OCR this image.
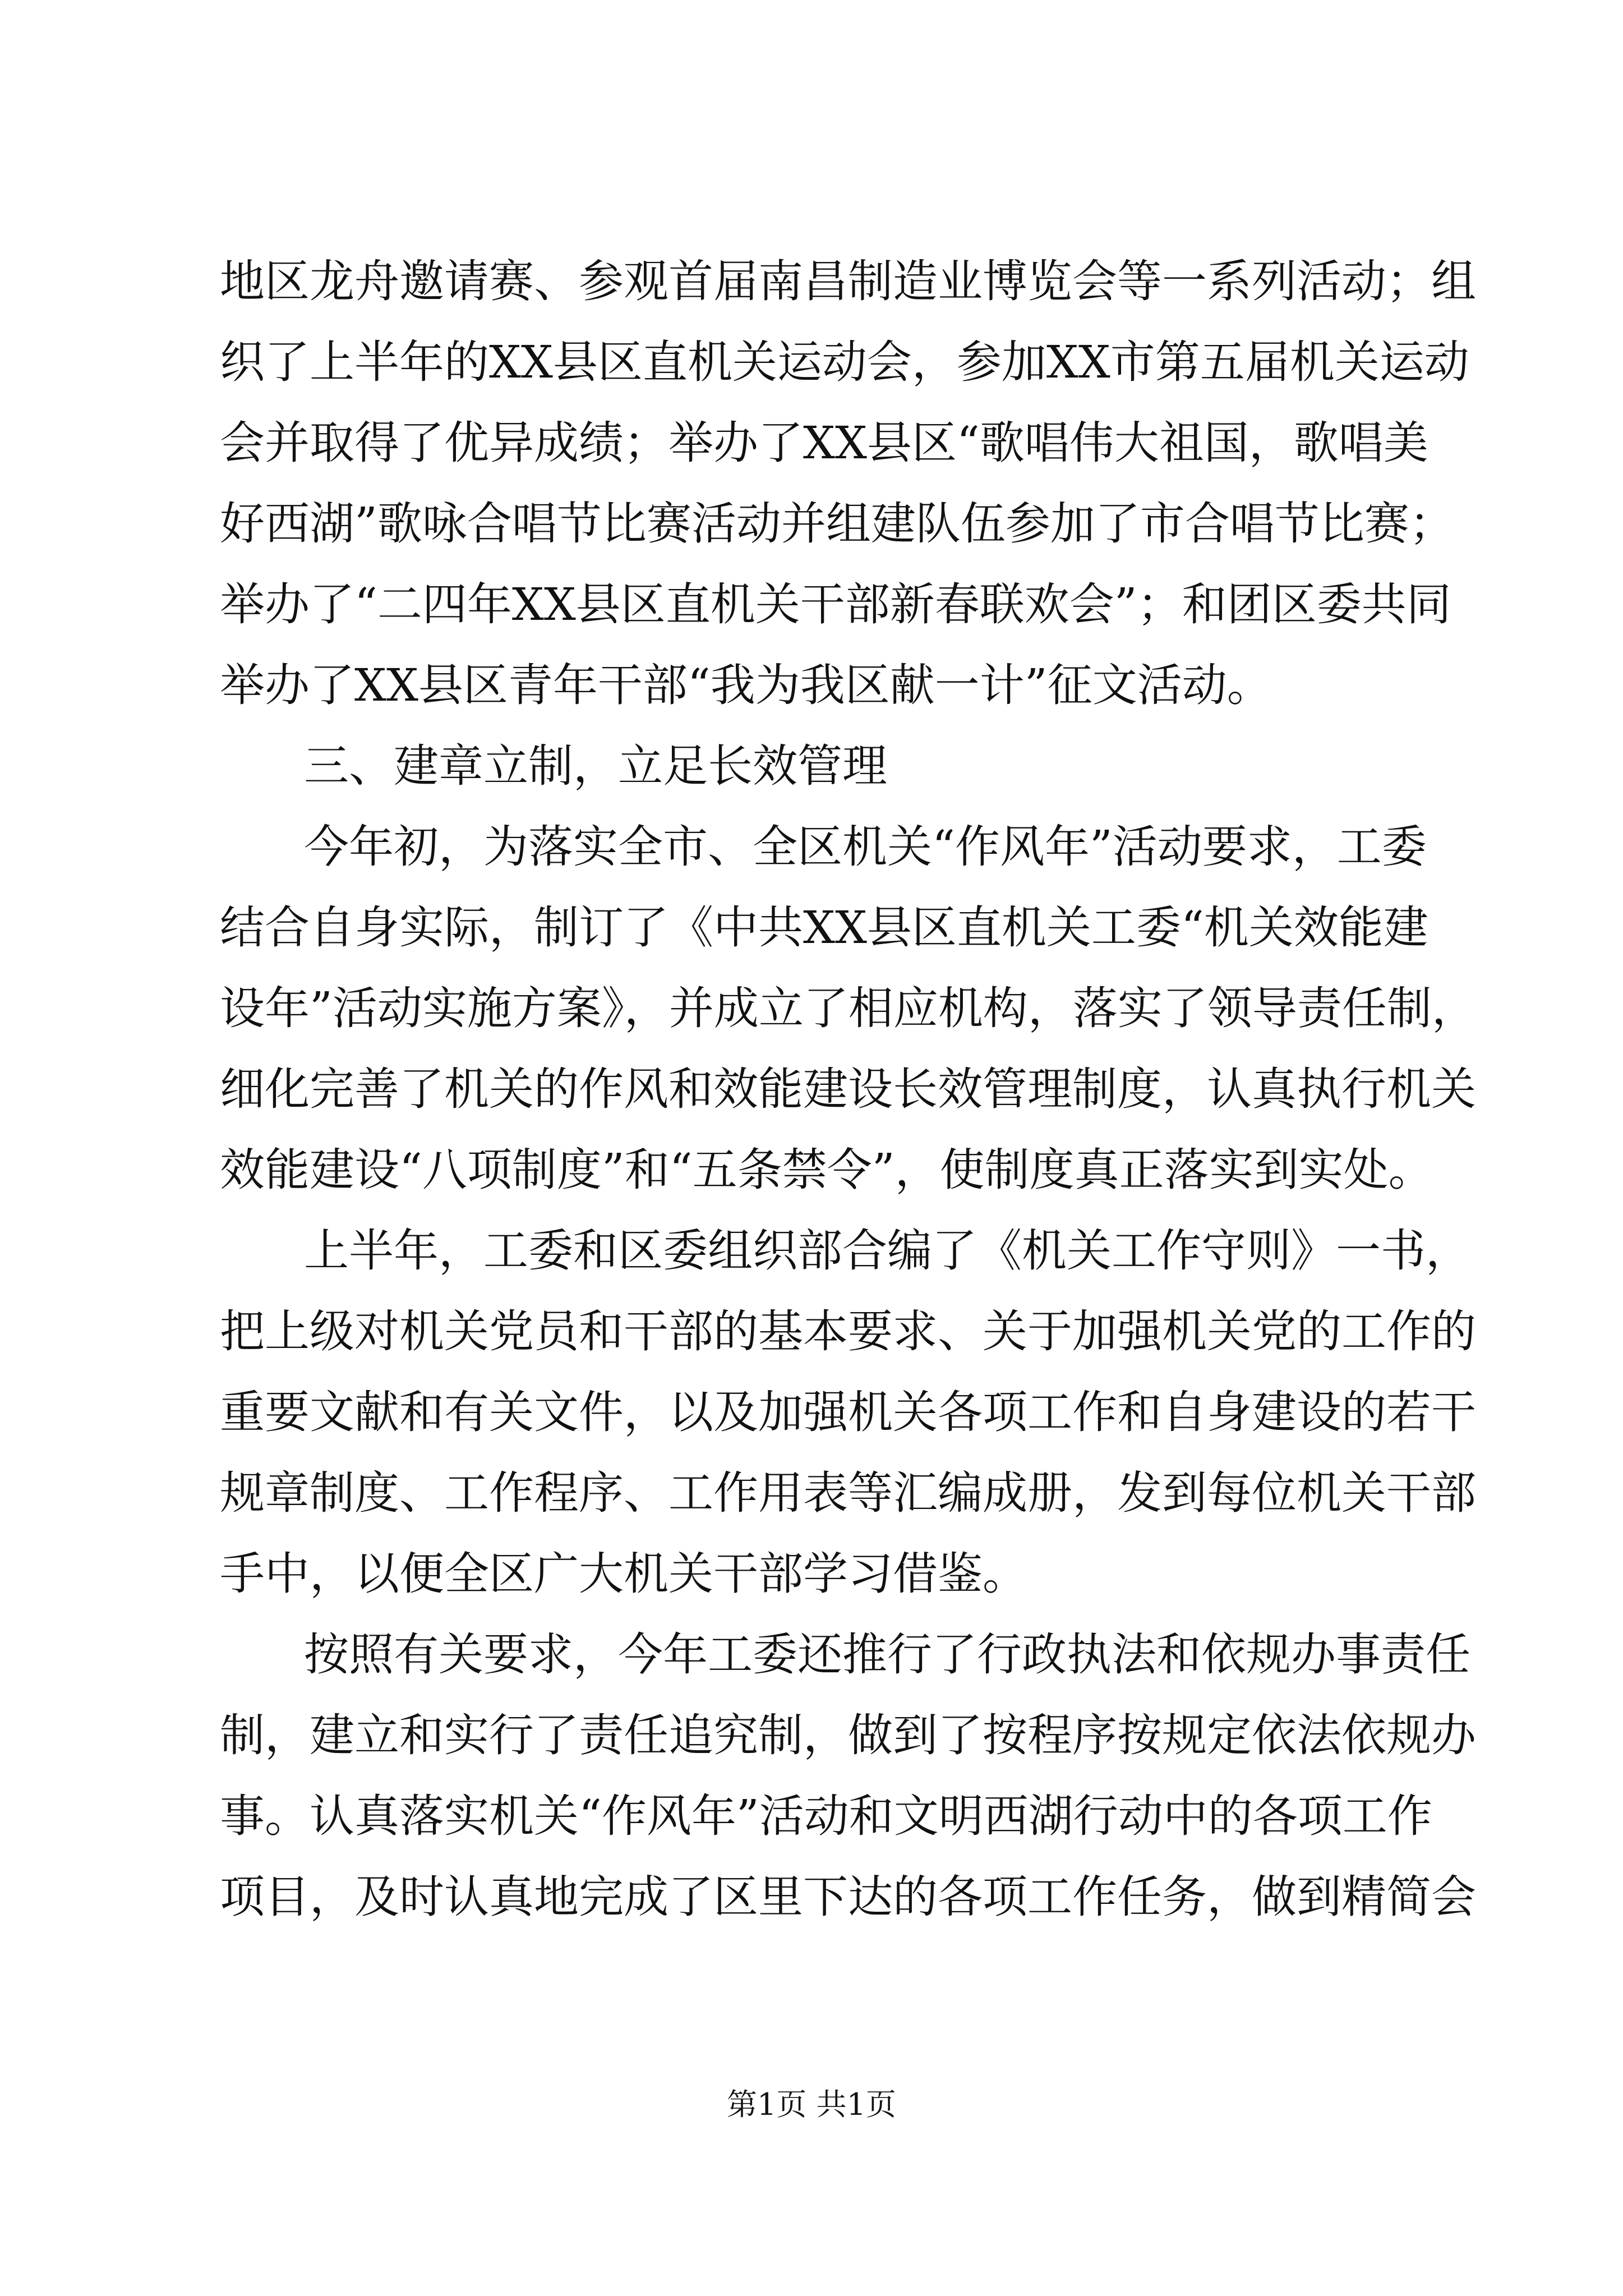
地区龙舟邀请赛、参观首届南昌制造业博览会等一系列活动；组
织了上半年的XX县区直机关运动会，参加XX市第五届机关运动
会并取得了优异成绩；举办了XX县区“歌唱伟大祖国，歌唱美
好西湖”歌咏合唱节比赛活动并组建队伍参加了市合唱节比赛；
举办了“二四年XX县区直机关干部新春联欢会”；和团区委共同
举办了XX县区青年干部“我为我区献一计”征文活动。
三、建章立制，立足长效管理
今年初，为落实全市、全区机关“作风年”活动要求，工委
结合自身实际，制订了《中共XX县区直机关工委“机关效能建
设年”活动实施方案》，并成立了相应机构，落实了领导责任制，
细化完善了机关的作风和效能建设长效管理制度，认真执行机关
效能建设“八项制度”和“五条禁令”，使制度真正落实到实处。
上半年，工委和区委组织部合编了《机关工作守则》一书，
把上级对机关党员和干部的基本要求、关于加强机关党的工作的
重要文献和有关文件，以及加强机关各项工作和自身建设的若干
规章制度、工作程序、工作用表等汇编成册，发到每位机关干部
手中，以便全区广大机关干部学习借鉴。
按照有关要求，今年工委还推行了行政执法和依规办事责任
制，建立和实行了责任追究制，做到了按程序按规定依法依规办
事。认真落实机关“作风年”活动和文明西湖行动中的各项工作
项目，及时认真地完成了区里下达的各项工作任务，做到精简会
第1页 共1页
